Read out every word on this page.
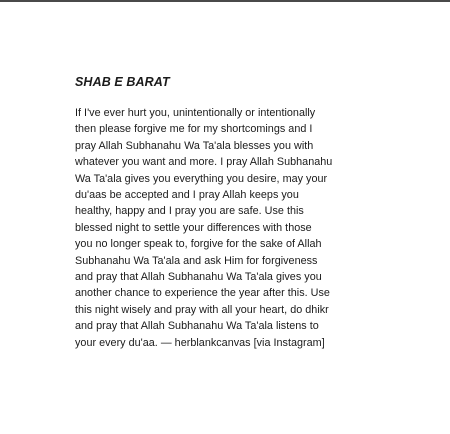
SHAB E BARAT
If I've ever hurt you, unintentionally or intentionally
then please forgive me for my shortcomings and I
pray Allah Subhanahu Wa Ta'ala blesses you with
whatever you want and more. I pray Allah Subhanahu
Wa Ta'ala gives you everything you desire, may your
du'aas be accepted and I pray Allah keeps you
healthy, happy and I pray you are safe. Use this
blessed night to settle your differences with those
you no longer speak to, forgive for the sake of Allah
Subhanahu Wa Ta'ala and ask Him for forgiveness
and pray that Allah Subhanahu Wa Ta'ala gives you
another chance to experience the year after this. Use
this night wisely and pray with all your heart, do dhikr
and pray that Allah Subhanahu Wa Ta'ala listens to
your every du'aa. — herblankcanvas [via Instagram]
